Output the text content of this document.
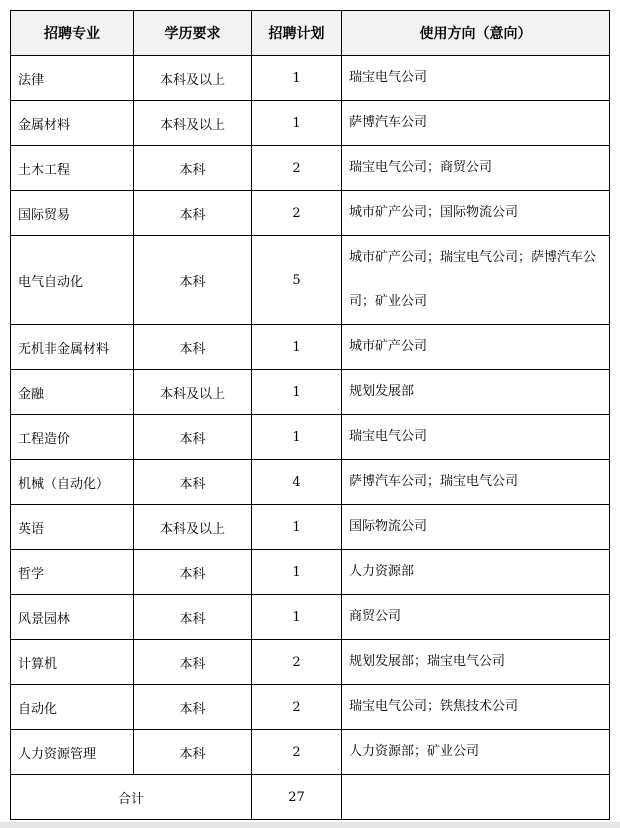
招聘专业	学历要求	招聘计划	使用方向（意向）
法律	本科及以上	1	瑞宝电气公司
金属材料	本科及以上	1	萨博汽车公司
土木工程	本科	2	瑞宝电气公司；商贸公司
国际贸易	本科	2	城市矿产公司；国际物流公司
电气自动化	本科	5	城市矿产公司；瑞宝电气公司；萨博汽车公司；矿业公司
无机非金属材料	本科	1	城市矿产公司
金融	本科及以上	1	规划发展部
工程造价	本科	1	瑞宝电气公司
机械（自动化）	本科	4	萨博汽车公司；瑞宝电气公司
英语	本科及以上	1	国际物流公司
哲学	本科	1	人力资源部
风景园林	本科	1	商贸公司
计算机	本科	2	规划发展部；瑞宝电气公司
自动化	本科	2	瑞宝电气公司；铁焦技术公司
人力资源管理	本科	2	人力资源部；矿业公司
合计		27	
